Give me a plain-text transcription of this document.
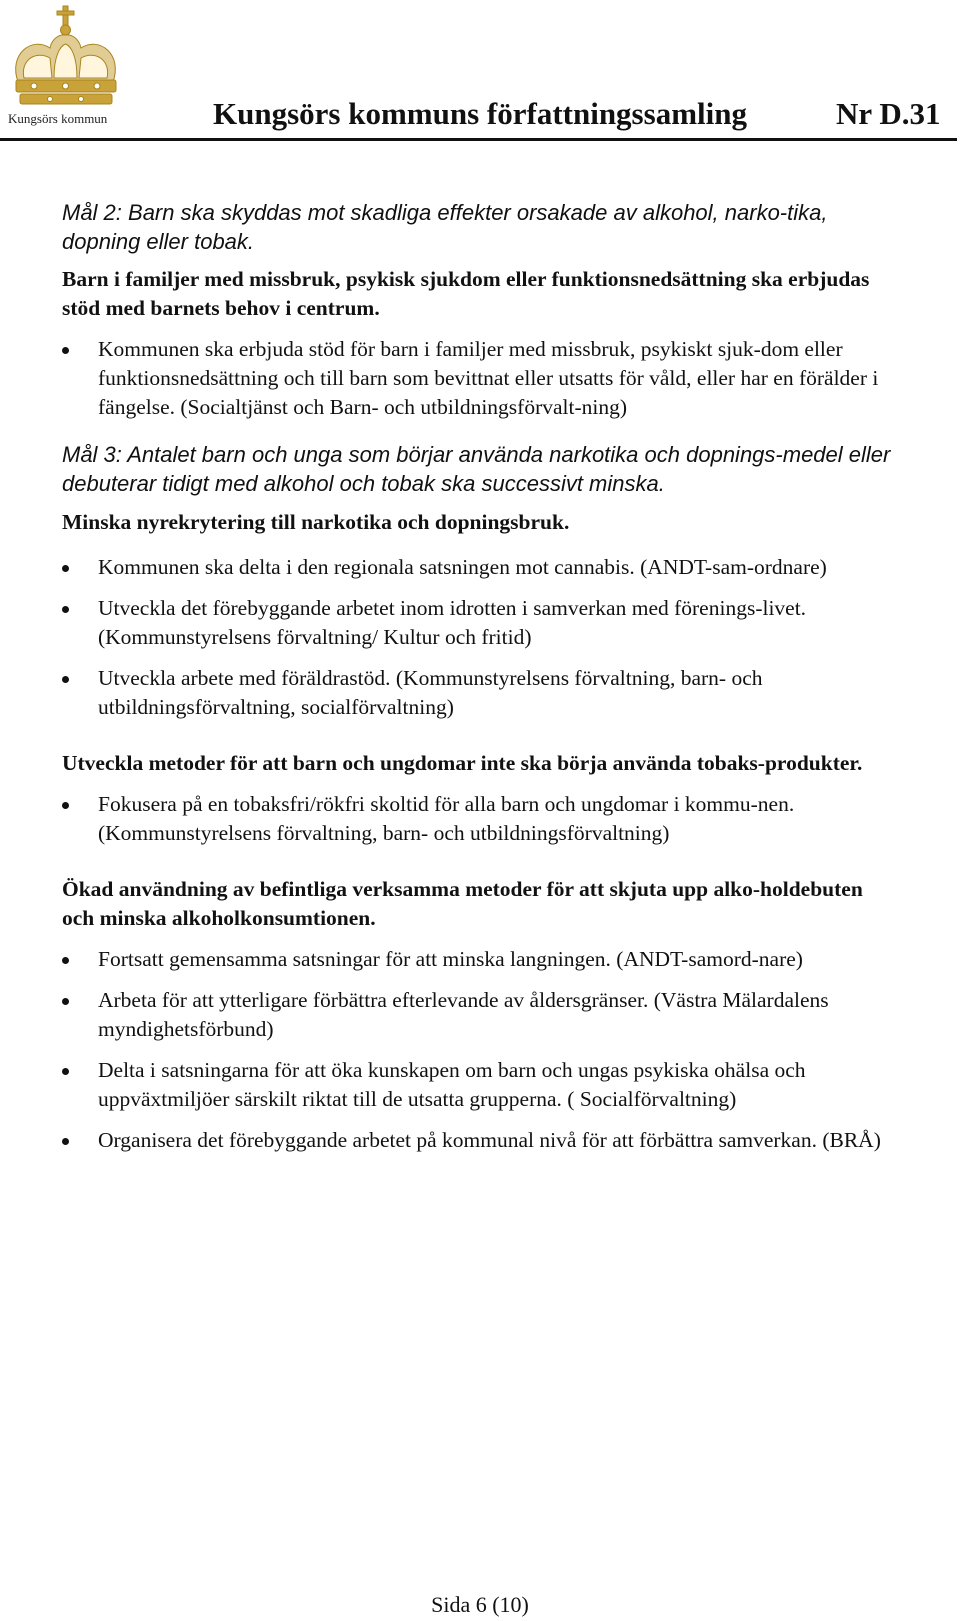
Kungsörs kommun	Kungsörs kommuns författningssamling	Nr D.31

Mål 2: Barn ska skyddas mot skadliga effekter orsakade av alkohol, narko-tika, dopning eller tobak.

Barn i familjer med missbruk, psykisk sjukdom eller funktionsnedsättning ska erbjudas stöd med barnets behov i centrum.

Kommunen ska erbjuda stöd för barn i familjer med missbruk, psykiskt sjuk-dom eller funktionsnedsättning och till barn som bevittnat eller utsatts för våld, eller har en förälder i fängelse. (Socialtjänst och Barn- och utbildningsförvalt-ning)

Mål 3: Antalet barn och unga som börjar använda narkotika och dopnings-medel eller debuterar tidigt med alkohol och tobak ska successivt minska.

Minska nyrekrytering till narkotika och dopningsbruk.

Kommunen ska delta i den regionala satsningen mot cannabis. (ANDT-sam-ordnare)
Utveckla det förebyggande arbetet inom idrotten i samverkan med förenings-livet. (Kommunstyrelsens förvaltning/ Kultur och fritid)
Utveckla arbete med föräldrastöd. (Kommunstyrelsens förvaltning, barn- och utbildningsförvaltning, socialförvaltning)

Utveckla metoder för att barn och ungdomar inte ska börja använda tobaks-produkter.

Fokusera på en tobaksfri/rökfri skoltid för alla barn och ungdomar i kommu-nen. (Kommunstyrelsens förvaltning, barn- och utbildningsförvaltning)

Ökad användning av befintliga verksamma metoder för att skjuta upp alko-holdebuten och minska alkoholkonsumtionen.

Fortsatt gemensamma satsningar för att minska langningen. (ANDT-samord-nare)
Arbeta för att ytterligare förbättra efterlevande av åldersgränser. (Västra Mälardalens myndighetsförbund)
Delta i satsningarna för att öka kunskapen om barn och ungas psykiska ohälsa och uppväxtmiljöer särskilt riktat till de utsatta grupperna. ( Socialförvaltning)
Organisera det förebyggande arbetet på kommunal nivå för att förbättra samverkan. (BRÅ)
Sida 6 (10)
